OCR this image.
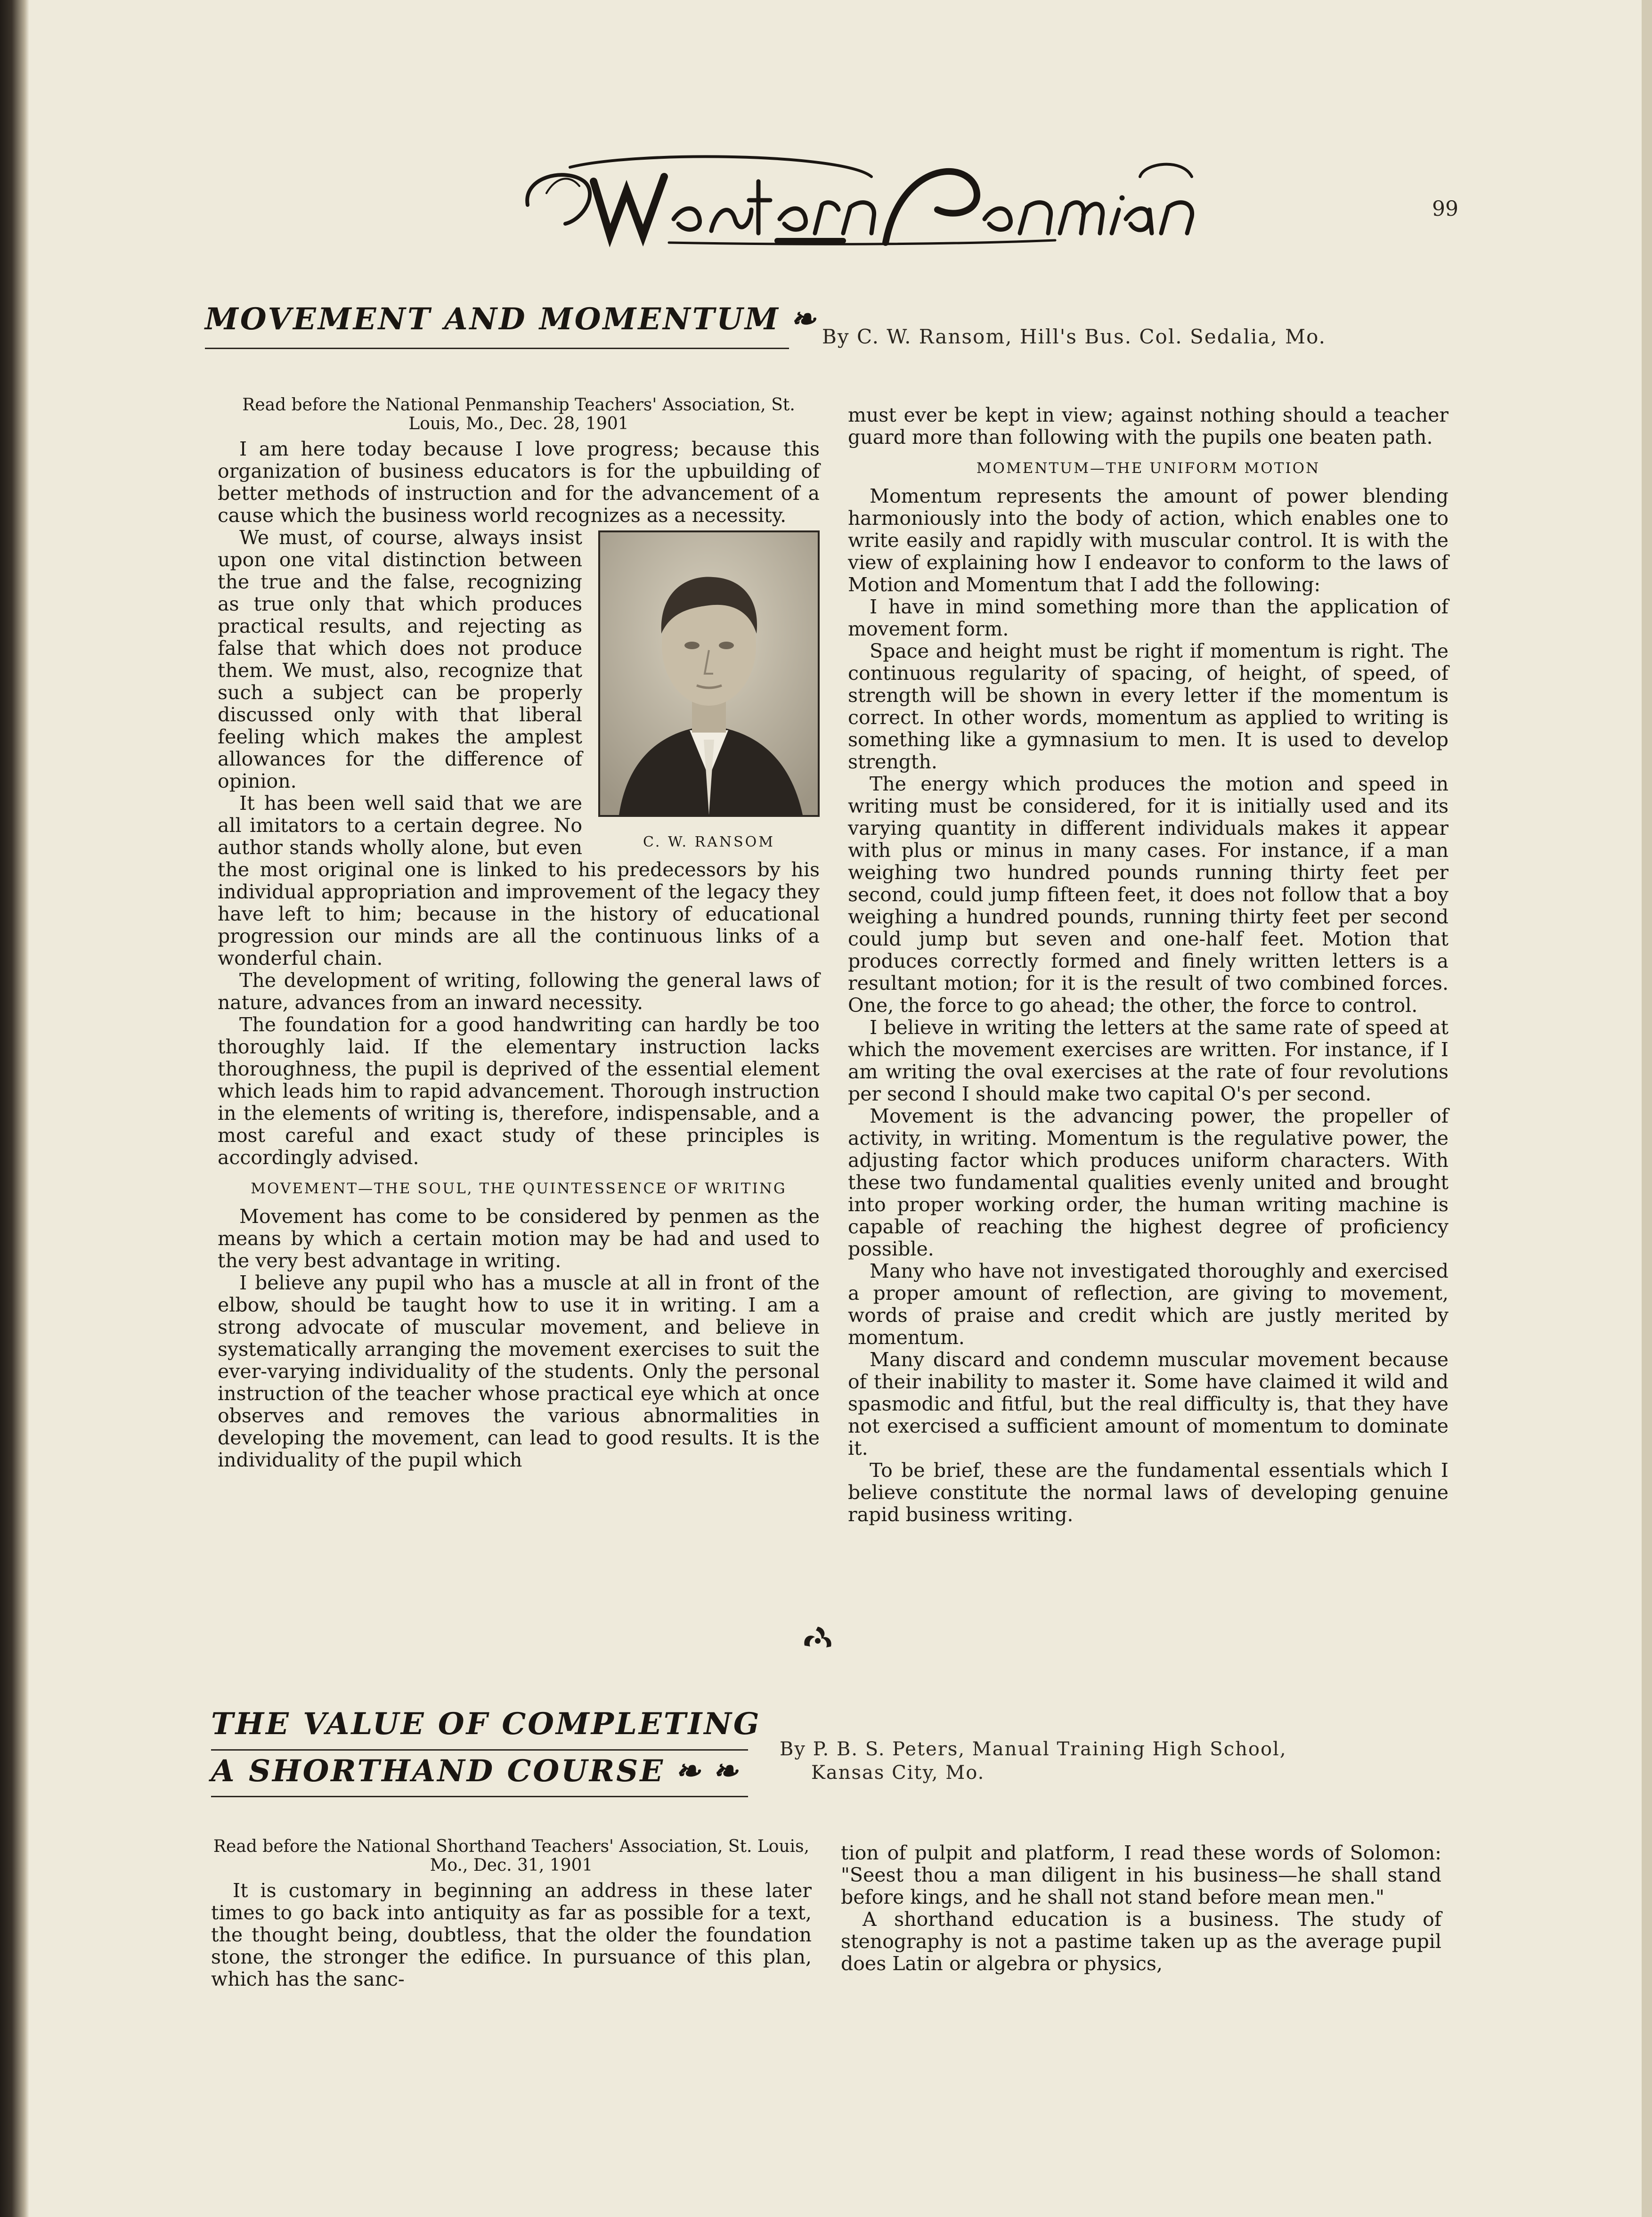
99
MOVEMENT AND MOMENTUM ❧ By C. W. Ransom, Hill's Bus. Col. Sedalia, Mo.

Read before the National Penmanship Teachers' Association, St. Louis, Mo., Dec. 28, 1901

I am here today because I love progress; because this organization of business educators is for the upbuilding of better methods of instruction and for the advancement of a cause which the business world recognizes as a necessity.

C. W. RANSOM

We must, of course, always insist upon one vital distinction between the true and the false, recognizing as true only that which produces practical results, and rejecting as false that which does not produce them. We must, also, recognize that such a subject can be properly discussed only with that liberal feeling which makes the amplest allowances for the difference of opinion.

It has been well said that we are all imitators to a certain degree. No author stands wholly alone, but even the most original one is linked to his predecessors by his individual appropriation and improvement of the legacy they have left to him; because in the history of educational progression our minds are all the continuous links of a wonderful chain.

The development of writing, following the general laws of nature, advances from an inward necessity.

The foundation for a good handwriting can hardly be too thoroughly laid. If the elementary instruction lacks thoroughness, the pupil is deprived of the essential element which leads him to rapid advancement. Thorough instruction in the elements of writing is, therefore, indispensable, and a most careful and exact study of these principles is accordingly advised.

MOVEMENT—THE SOUL, THE QUINTESSENCE OF WRITING

Movement has come to be considered by penmen as the means by which a certain motion may be had and used to the very best advantage in writing.

I believe any pupil who has a muscle at all in front of the elbow, should be taught how to use it in writing. I am a strong advocate of muscular movement, and believe in systematically arranging the movement exercises to suit the ever-varying individuality of the students. Only the personal instruction of the teacher whose practical eye which at once observes and removes the various abnormalities in developing the movement, can lead to good results. It is the individuality of the pupil which

must ever be kept in view; against nothing should a teacher guard more than following with the pupils one beaten path.

MOMENTUM—THE UNIFORM MOTION

Momentum represents the amount of power blending harmoniously into the body of action, which enables one to write easily and rapidly with muscular control. It is with the view of explaining how I endeavor to conform to the laws of Motion and Momentum that I add the following:

I have in mind something more than the application of movement form.

Space and height must be right if momentum is right. The continuous regularity of spacing, of height, of speed, of strength will be shown in every letter if the momentum is correct. In other words, momentum as applied to writing is something like a gymnasium to men. It is used to develop strength.

The energy which produces the motion and speed in writing must be considered, for it is initially used and its varying quantity in different individuals makes it appear with plus or minus in many cases. For instance, if a man weighing two hundred pounds running thirty feet per second, could jump fifteen feet, it does not follow that a boy weighing a hundred pounds, running thirty feet per second could jump but seven and one-half feet. Motion that produces correctly formed and finely written letters is a resultant motion; for it is the result of two combined forces. One, the force to go ahead; the other, the force to control.

I believe in writing the letters at the same rate of speed at which the movement exercises are written. For instance, if I am writing the oval exercises at the rate of four revolutions per second I should make two capital O's per second.

Movement is the advancing power, the propeller of activity, in writing. Momentum is the regulative power, the adjusting factor which produces uniform characters. With these two fundamental qualities evenly united and brought into proper working order, the human writing machine is capable of reaching the highest degree of proficiency possible.

Many who have not investigated thoroughly and exercised a proper amount of reflection, are giving to movement, words of praise and credit which are justly merited by momentum.

Many discard and condemn muscular movement because of their inability to master it. Some have claimed it wild and spasmodic and fitful, but the real difficulty is, that they have not exercised a sufficient amount of momentum to dominate it.

To be brief, these are the fundamental essentials which I believe constitute the normal laws of developing genuine rapid business writing.

THE VALUE OF COMPLETING
A SHORTHAND COURSE ❧ ❧
By P. B. S. Peters, Manual Training High School,
Kansas City, Mo.

Read before the National Shorthand Teachers' Association, St. Louis, Mo., Dec. 31, 1901

It is customary in beginning an address in these later times to go back into antiquity as far as possible for a text, the thought being, doubtless, that the older the foundation stone, the stronger the edifice. In pursuance of this plan, which has the sanc-

tion of pulpit and platform, I read these words of Solomon: "Seest thou a man diligent in his business—he shall stand before kings, and he shall not stand before mean men."

A shorthand education is a business. The study of stenography is not a pastime taken up as the average pupil does Latin or algebra or physics,
